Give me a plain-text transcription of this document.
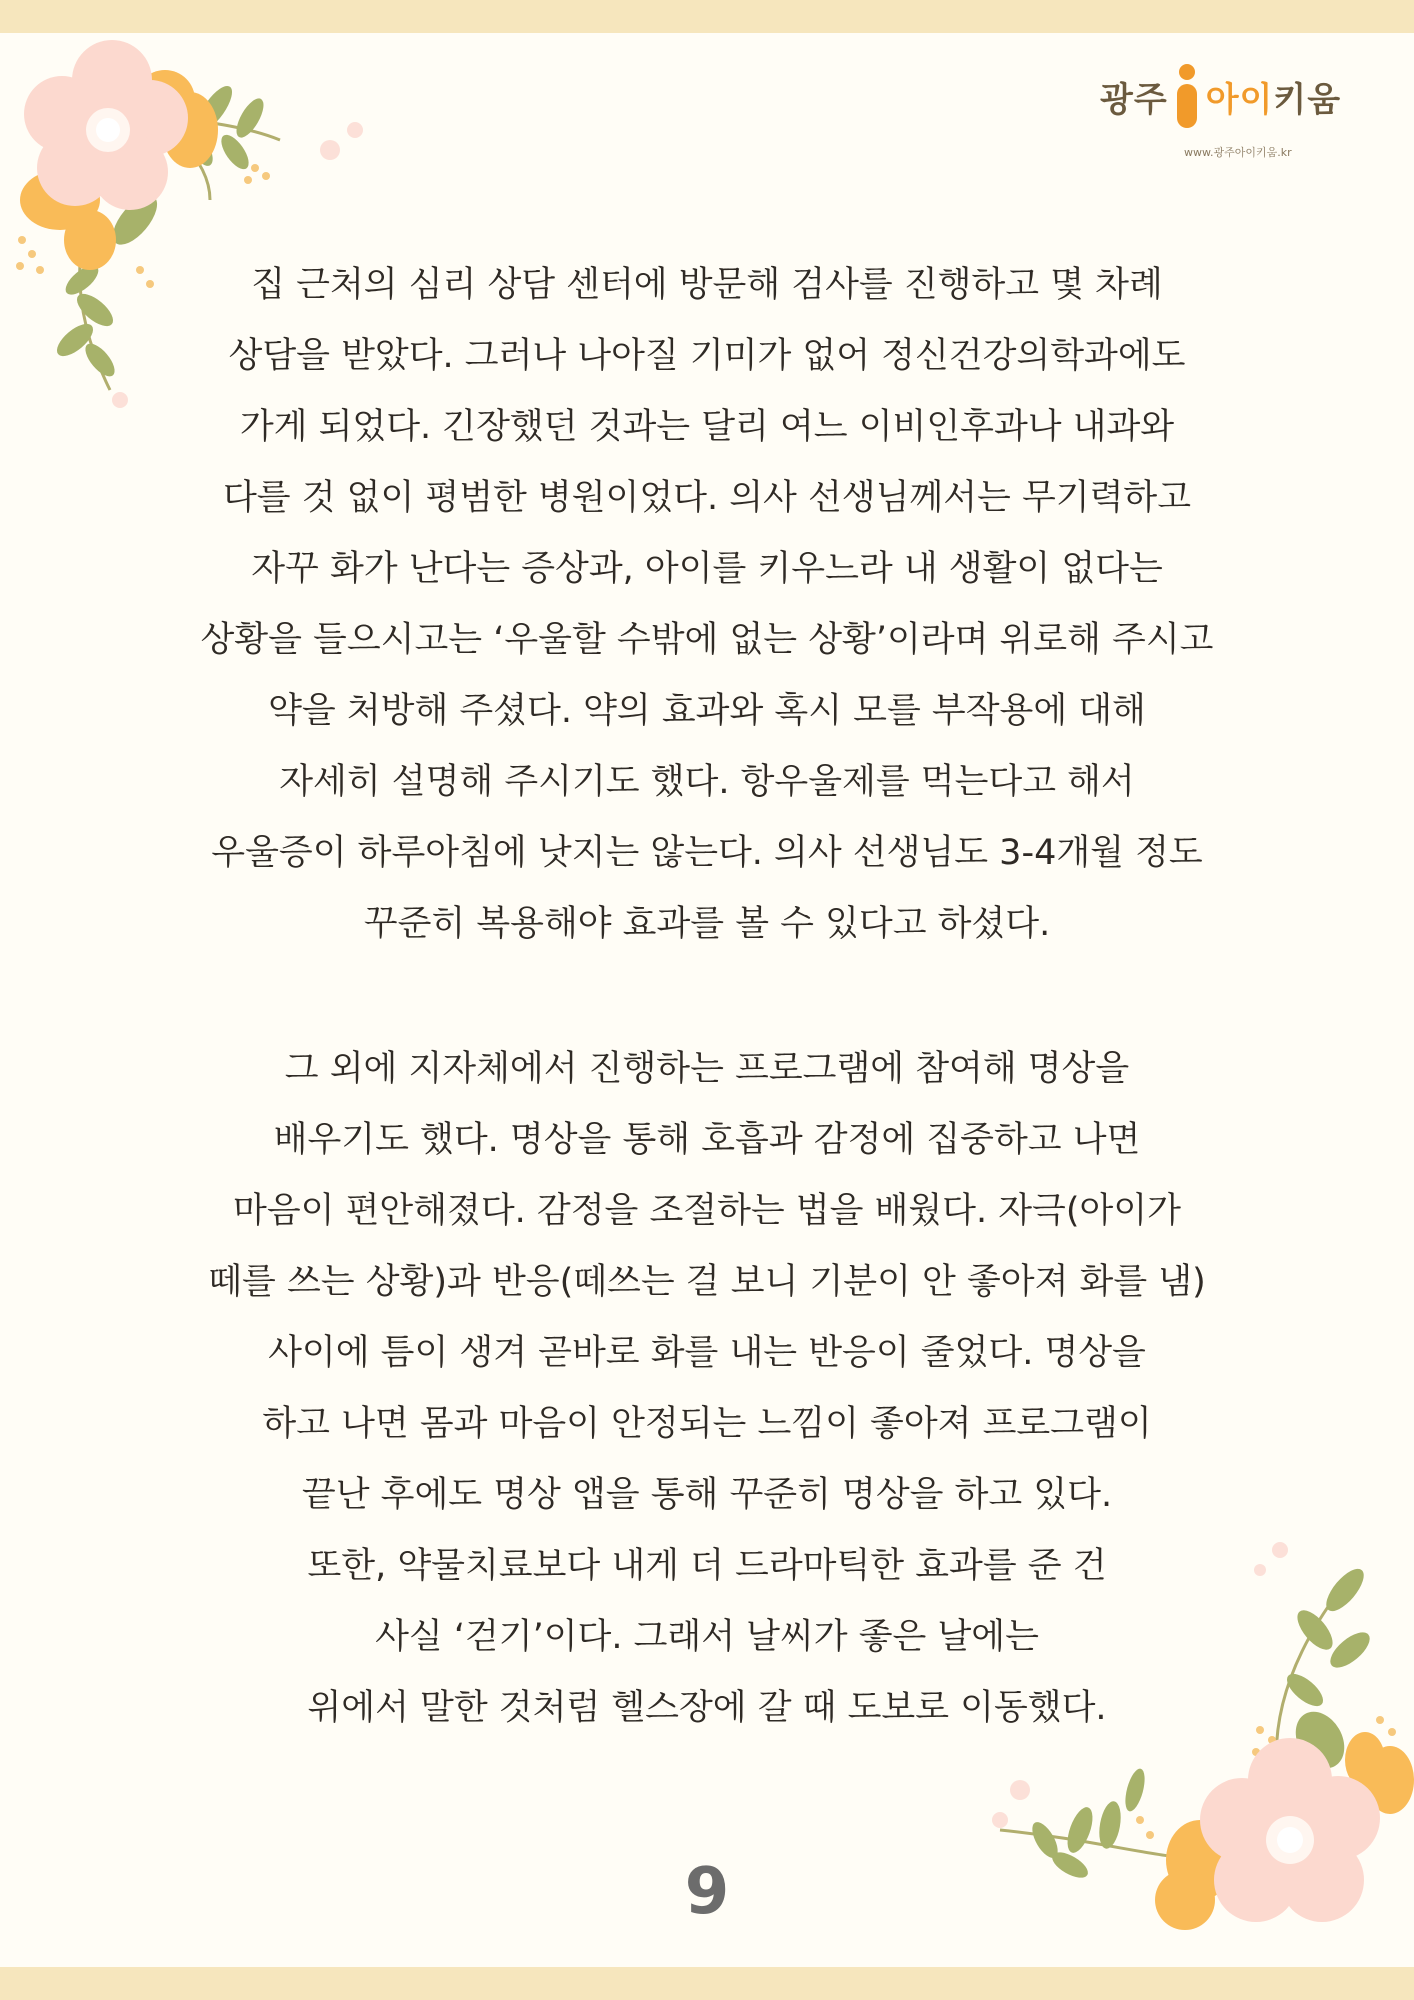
광주 아이 키움
www.광주아이키움.kr

집 근처의 심리 상담 센터에 방문해 검사를 진행하고 몇 차례
상담을 받았다. 그러나 나아질 기미가 없어 정신건강의학과에도
가게 되었다. 긴장했던 것과는 달리 여느 이비인후과나 내과와
다를 것 없이 평범한 병원이었다. 의사 선생님께서는 무기력하고
자꾸 화가 난다는 증상과, 아이를 키우느라 내 생활이 없다는
상황을 들으시고는 ‘우울할 수밖에 없는 상황’이라며 위로해 주시고
약을 처방해 주셨다. 약의 효과와 혹시 모를 부작용에 대해
자세히 설명해 주시기도 했다. 항우울제를 먹는다고 해서
우울증이 하루아침에 낫지는 않는다. 의사 선생님도 3-4개월 정도
꾸준히 복용해야 효과를 볼 수 있다고 하셨다.

그 외에 지자체에서 진행하는 프로그램에 참여해 명상을
배우기도 했다. 명상을 통해 호흡과 감정에 집중하고 나면
마음이 편안해졌다. 감정을 조절하는 법을 배웠다. 자극(아이가
떼를 쓰는 상황)과 반응(떼쓰는 걸 보니 기분이 안 좋아져 화를 냄)
사이에 틈이 생겨 곧바로 화를 내는 반응이 줄었다. 명상을
하고 나면 몸과 마음이 안정되는 느낌이 좋아져 프로그램이
끝난 후에도 명상 앱을 통해 꾸준히 명상을 하고 있다.
또한, 약물치료보다 내게 더 드라마틱한 효과를 준 건
사실 ‘걷기’이다. 그래서 날씨가 좋은 날에는
위에서 말한 것처럼 헬스장에 갈 때 도보로 이동했다.

9
